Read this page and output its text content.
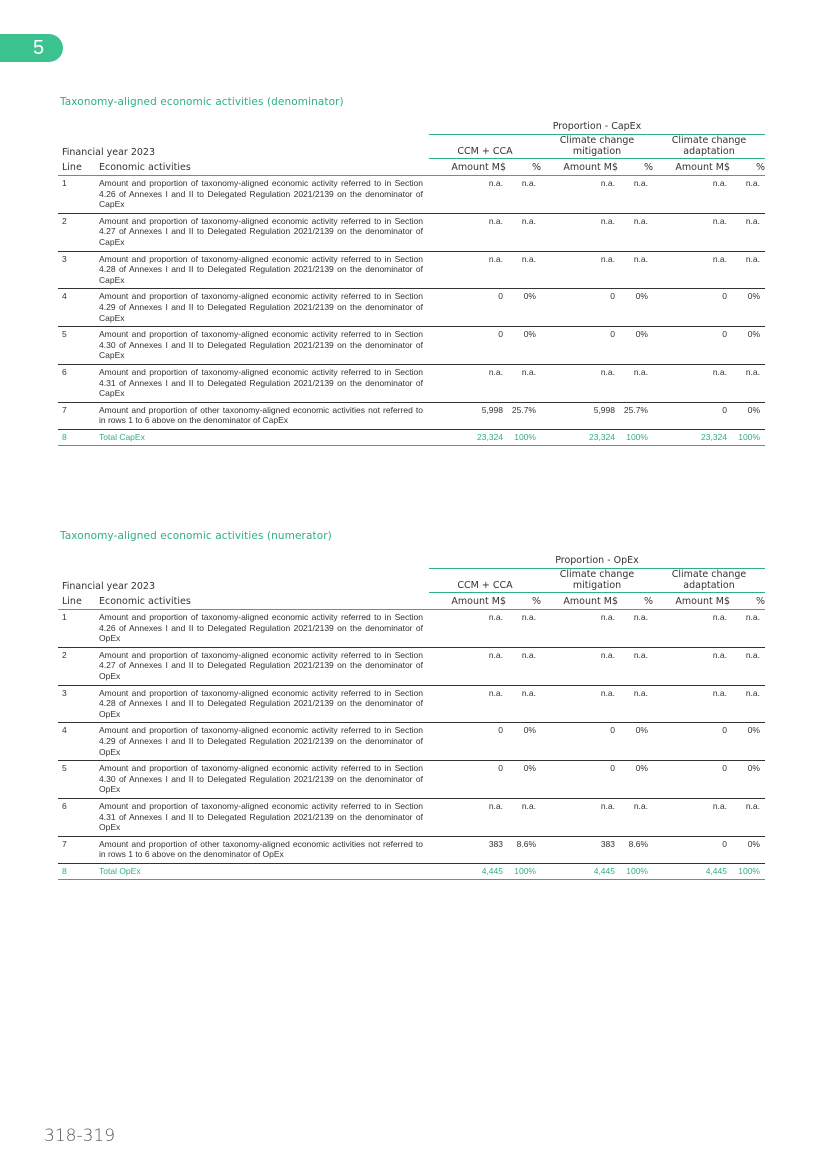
5
Taxonomy-aligned economic activities (denominator)
		Proportion - CapEx					
Financial year 2023		CCM + CCA		Climate change mitigation		Climate change adaptation	
Line	Economic activities	Amount M$	%	Amount M$	%	Amount M$	%
1	Amount and proportion of taxonomy-aligned economic activity referred to in Section 4.26 of Annexes I and II to Delegated Regulation 2021/2139 on the denominator of CapEx	n.a.	n.a.	n.a.	n.a.	n.a.	n.a.
2	Amount and proportion of taxonomy-aligned economic activity referred to in Section 4.27 of Annexes I and II to Delegated Regulation 2021/2139 on the denominator of CapEx	n.a.	n.a.	n.a.	n.a.	n.a.	n.a.
3	Amount and proportion of taxonomy-aligned economic activity referred to in Section 4.28 of Annexes I and II to Delegated Regulation 2021/2139 on the denominator of CapEx	n.a.	n.a.	n.a.	n.a.	n.a.	n.a.
4	Amount and proportion of taxonomy-aligned economic activity referred to in Section 4.29 of Annexes I and II to Delegated Regulation 2021/2139 on the denominator of CapEx	0	0%	0	0%	0	0%
5	Amount and proportion of taxonomy-aligned economic activity referred to in Section 4.30 of Annexes I and II to Delegated Regulation 2021/2139 on the denominator of CapEx	0	0%	0	0%	0	0%
6	Amount and proportion of taxonomy-aligned economic activity referred to in Section 4.31 of Annexes I and II to Delegated Regulation 2021/2139 on the denominator of CapEx	n.a.	n.a.	n.a.	n.a.	n.a.	n.a.
7	Amount and proportion of other taxonomy-aligned economic activities not referred to in rows 1 to 6 above on the denominator of CapEx	5,998	25.7%	5,998	25.7%	0	0%
8	Total CapEx	23,324	100%	23,324	100%	23,324	100%
Taxonomy-aligned economic activities (numerator)
		Proportion - OpEx					
Financial year 2023		CCM + CCA		Climate change mitigation		Climate change adaptation	
Line	Economic activities	Amount M$	%	Amount M$	%	Amount M$	%
1	Amount and proportion of taxonomy-aligned economic activity referred to in Section 4.26 of Annexes I and II to Delegated Regulation 2021/2139 on the denominator of OpEx	n.a.	n.a.	n.a.	n.a.	n.a.	n.a.
2	Amount and proportion of taxonomy-aligned economic activity referred to in Section 4.27 of Annexes I and II to Delegated Regulation 2021/2139 on the denominator of OpEx	n.a.	n.a.	n.a.	n.a.	n.a.	n.a.
3	Amount and proportion of taxonomy-aligned economic activity referred to in Section 4.28 of Annexes I and II to Delegated Regulation 2021/2139 on the denominator of OpEx	n.a.	n.a.	n.a.	n.a.	n.a.	n.a.
4	Amount and proportion of taxonomy-aligned economic activity referred to in Section 4.29 of Annexes I and II to Delegated Regulation 2021/2139 on the denominator of OpEx	0	0%	0	0%	0	0%
5	Amount and proportion of taxonomy-aligned economic activity referred to in Section 4.30 of Annexes I and II to Delegated Regulation 2021/2139 on the denominator of OpEx	0	0%	0	0%	0	0%
6	Amount and proportion of taxonomy-aligned economic activity referred to in Section 4.31 of Annexes I and II to Delegated Regulation 2021/2139 on the denominator of OpEx	n.a.	n.a.	n.a.	n.a.	n.a.	n.a.
7	Amount and proportion of other taxonomy-aligned economic activities not referred to in rows 1 to 6 above on the denominator of OpEx	383	8.6%	383	8.6%	0	0%
8	Total OpEx	4,445	100%	4,445	100%	4,445	100%
318-319
